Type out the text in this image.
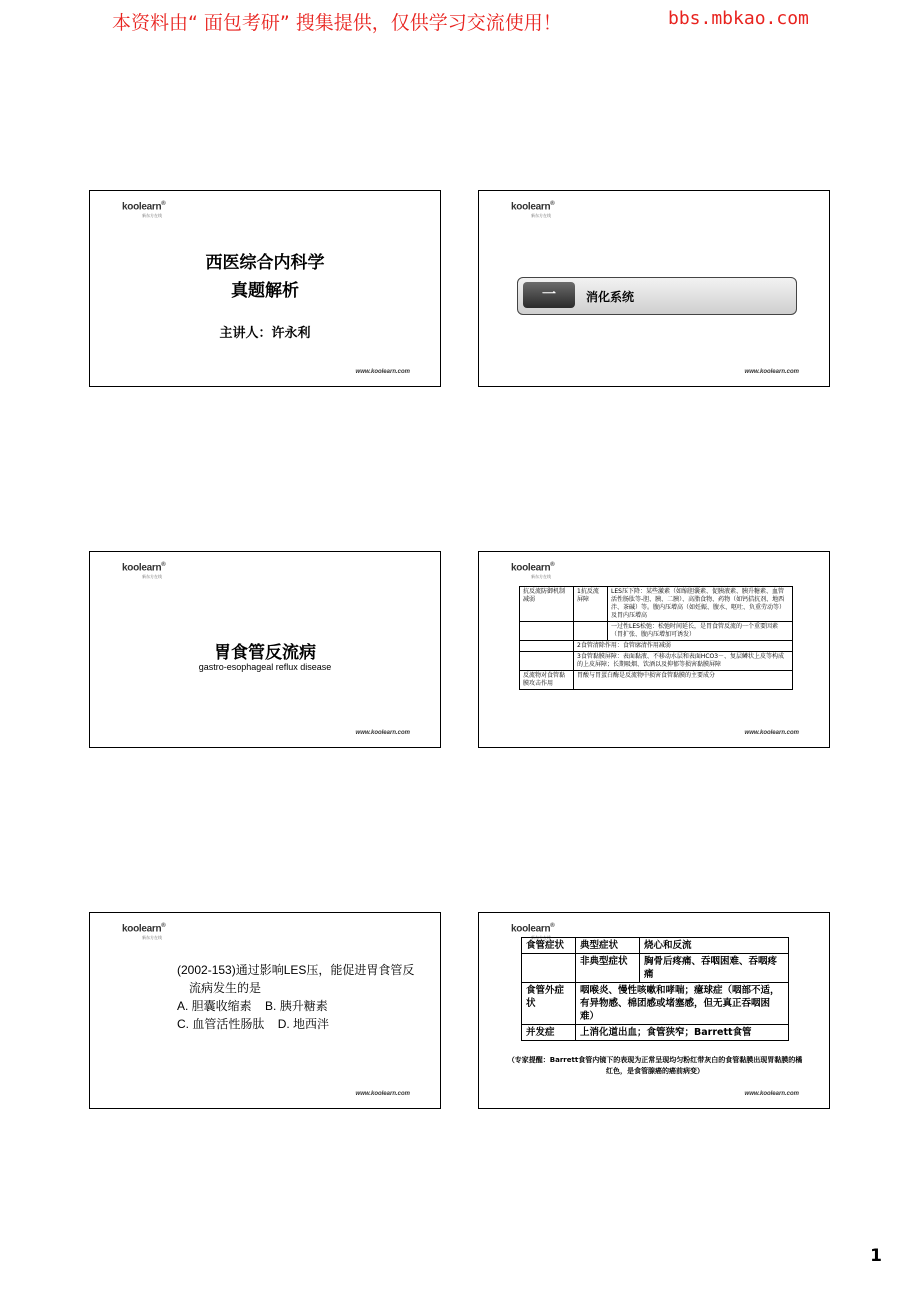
本资料由“ 面包考研” 搜集提供，仅供学习交流使用！	bbs.mbkao.com
koolearn®
新东方在线
西医综合内科学
真题解析
主讲人：许永利
www.koolearn.com
koolearn®
新东方在线
一	消化系统
www.koolearn.com
koolearn®
新东方在线
胃食管反流病
gastro-esophageal reflux disease
www.koolearn.com
koolearn®
新东方在线
抗反流防御机制减弱	1抗反流屏障	LES压下降：某些激素（如缩胆囊素、促胰液素、胰升糖素、血管活性肠肽等-胆、胰、二胰）、高脂食物、药物（如钙拮抗剂、地西泮、茶碱）等。腹内压增高（如妊娠、腹水、呕吐、负重劳动等）及胃内压增高
		一过性LES松弛：松弛时间延长，是胃食管反流的一个重要因素（胃扩张、腹内压增加可诱发）
	2食管清除作用：食管廓清作用减弱	
	3食管黏膜屏障：表面黏液、不移动水层和表面HCO3－、复层鳞状上皮等构成的上皮屏障；长期吸烟、饮酒以及抑郁等损害黏膜屏障	
反流物对食管黏膜攻击作用	胃酸与胃蛋白酶是反流物中损害食管黏膜的主要成分	
www.koolearn.com
koolearn®
新东方在线
(2002-153)通过影响LES压，能促进胃食管反
流病发生的是
A. 胆囊收缩素 B. 胰升糖素
C. 血管活性肠肽 D. 地西泮
www.koolearn.com
koolearn®
新东方在线
食管症状	典型症状	烧心和反流
	非典型症状	胸骨后疼痛、吞咽困难、吞咽疼痛
食管外症状	咽喉炎、慢性咳嗽和哮喘；癔球症（咽部不适，有异物感、棉团感或堵塞感，但无真正吞咽困难）	
并发症	上消化道出血；食管狭窄；Barrett食管	
（专家提醒：Barrett食管内镜下的表现为正常呈现均匀粉红带灰白的食管黏膜出现胃黏膜的橘红色，是食管腺癌的癌前病变）
www.koolearn.com
1
